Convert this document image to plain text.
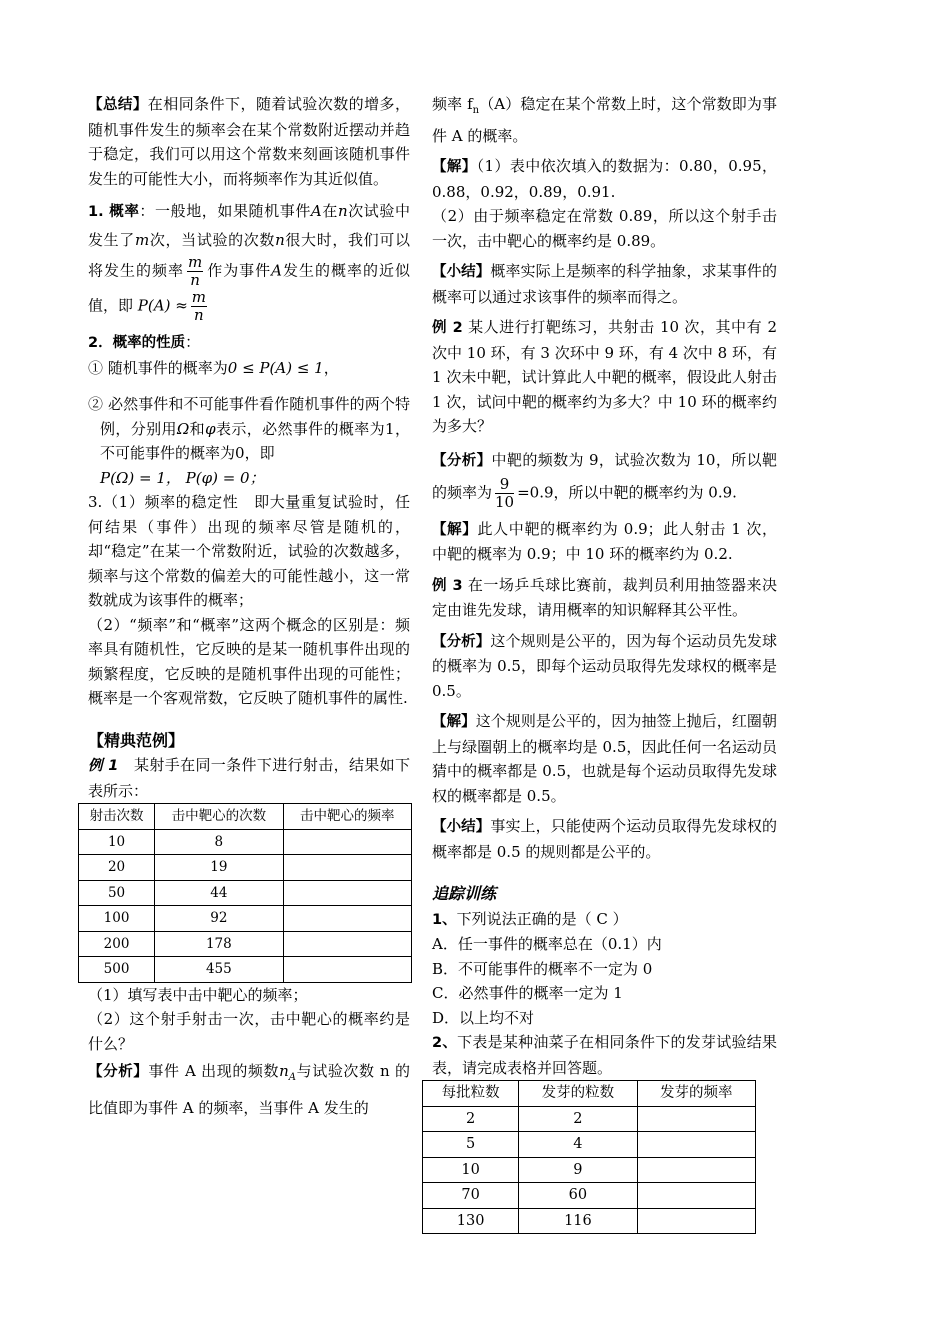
【总结】在相同条件下，随着试验次数的增多，随机事件发生的频率会在某个常数附近摆动并趋于稳定，我们可以用这个常数来刻画该随机事件发生的可能性大小，而将频率作为其近似值。

1. 概率：一般地，如果随机事件A在n次试验中发生了m次，当试验的次数n很大时，我们可以将发生的频率 $\frac{m}{n}$ 作为事件A发生的概率的近似值，即 $P(A) \approx \frac{m}{n}$

2．概率的性质：

① 随机事件的概率为0 ≤ P(A) ≤ 1，

② 必然事件和不可能事件看作随机事件的两个特例，分别用Ω和φ表示，必然事件的概率为1，不可能事件的概率为0，即
P(Ω) = 1， P(φ) = 0；

3.（1）频率的稳定性　即大量重复试验时，任何结果（事件）出现的频率尽管是随机的，却“稳定”在某一个常数附近，试验的次数越多，频率与这个常数的偏差大的可能性越小，这一常数就成为该事件的概率；

（2）“频率”和“概率”这两个概念的区别是：频率具有随机性，它反映的是某一随机事件出现的频繁程度，它反映的是随机事件出现的可能性；概率是一个客观常数，它反映了随机事件的属性.

【精典范例】

例 1　某射手在同一条件下进行射击，结果如下表所示：

射击次数	击中靶心的次数	击中靶心的频率
10	8	
20	19	
50	44	
100	92	
200	178	
500	455	

（1）填写表中击中靶心的频率；

（2）这个射手射击一次，击中靶心的概率约是什么？

【分析】事件 A 出现的频数$n_A$与试验次数 n 的比值即为事件 A 的频率，当事件 A 发生的

频率 $f_n(A)$稳定在某个常数上时，这个常数即为事件 A 的概率。

【解】（1）表中依次填入的数据为：0.80，0.95，0.88，0.92，0.89，0.91.

（2）由于频率稳定在常数 0.89，所以这个射手击一次，击中靶心的概率约是 0.89。

【小结】概率实际上是频率的科学抽象，求某事件的概率可以通过求该事件的频率而得之。

例 2 某人进行打靶练习，共射击 10 次，其中有 2 次中 10 环，有 3 次环中 9 环，有 4 次中 8 环，有 1 次未中靶，试计算此人中靶的概率，假设此人射击 1 次，试问中靶的概率约为多大？中 10 环的概率约为多大？

【分析】中靶的频数为 9，试验次数为 10，所以靶的频率为 $\frac{9}{10} =0.9$，所以中靶的概率约为 0.9.

【解】此人中靶的概率约为 0.9；此人射击 1 次，中靶的概率为 0.9；中 10 环的概率约为 0.2.

例 3 在一场乒乓球比赛前，裁判员利用抽签器来决定由谁先发球，请用概率的知识解释其公平性。

【分析】这个规则是公平的，因为每个运动员先发球的概率为 0.5，即每个运动员取得先发球权的概率是 0.5。

【解】这个规则是公平的，因为抽签上抛后，红圈朝上与绿圈朝上的概率均是 0.5，因此任何一名运动员猜中的概率都是 0.5，也就是每个运动员取得先发球权的概率都是 0.5。

【小结】事实上，只能使两个运动员取得先发球权的概率都是 0.5 的规则都是公平的。

追踪训练

1、下列说法正确的是（ C ）

A．任一事件的概率总在（0.1）内

B．不可能事件的概率不一定为 0

C．必然事件的概率一定为 1

D．以上均不对

2、下表是某种油菜子在相同条件下的发芽试验结果表，请完成表格并回答题。

每批粒数	发芽的粒数	发芽的频率
2	2	
5	4	
10	9	
70	60	
130	116	
